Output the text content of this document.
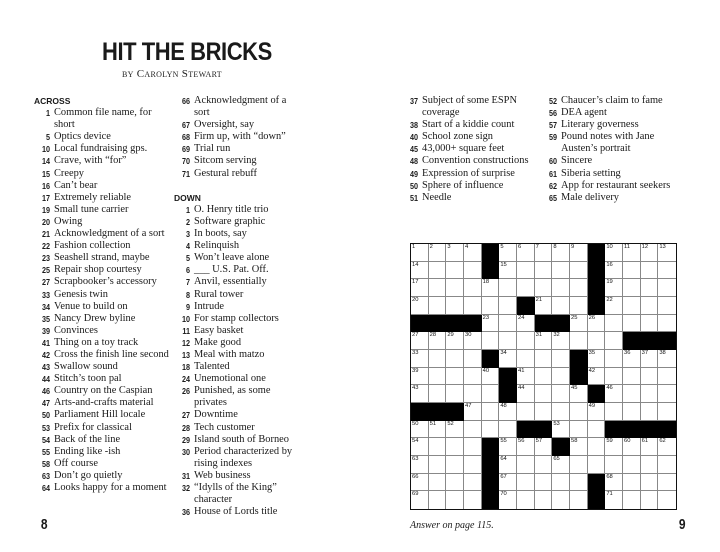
HIT THE BRICKS
by Carolyn Stewart
ACROSS
1 Common file name, for
short
5 Optics device
10 Local fundraising gps.
14 Crave, with “for”
15 Creepy
16 Can’t bear
17 Extremely reliable
19 Small tune carrier
20 Owing
21 Acknowledgment of a sort
22 Fashion collection
23 Seashell strand, maybe
25 Repair shop courtesy
27 Scrapbooker’s accessory
33 Genesis twin
34 Venue to build on
35 Nancy Drew byline
39 Convinces
41 Thing on a toy track
42 Cross the finish line second
43 Swallow sound
44 Stitch’s toon pal
46 Country on the Caspian
47 Arts-and-crafts material
50 Parliament Hill locale
53 Prefix for classical
54 Back of the line
55 Ending like -ish
58 Off course
63 Don’t go quietly
64 Looks happy for a moment
66 Acknowledgment of a sort
67 Oversight, say
68 Firm up, with “down”
69 Trial run
70 Sitcom serving
71 Gestural rebuff
DOWN
1 O. Henry title trio
2 Software graphic
3 In boots, say
4 Relinquish
5 Won’t leave alone
6 ___ U.S. Pat. Off.
7 Anvil, essentially
8 Rural tower
9 Intrude
10 For stamp collectors
11 Easy basket
12 Make good
13 Meal with matzo
18 Talented
24 Unemotional one
26 Punished, as some privates
27 Downtime
28 Tech customer
29 Island south of Borneo
30 Period characterized by
rising indexes
31 Web business
32 “Idylls of the King”
character
36 House of Lords title
37 Subject of some ESPN
coverage
38 Start of a kiddie count
40 School zone sign
45 43,000+ square feet
48 Convention constructions
49 Expression of surprise
50 Sphere of influence
51 Needle
52 Chaucer’s claim to fame
56 DEA agent
57 Literary governess
59 Pound notes with Jane
Austen’s portrait
60 Sincere
61 Siberia setting
62 App for restaurant seekers
65 Male delivery
1 2 3 4	5 6 7 8 9	10 11 12 13
14	15	16
17	18	19
20	21	22
23	24	25 26
27 28 29 30	31 32
33	34	35	36 37 38
39	40	41	42
43	44	45	46
47	48	49
50 51 52	53
54	55 56 57	58	59 60 61 62
63	64	65
66	67	68
69	70	71
8	Answer on page 115.	9
